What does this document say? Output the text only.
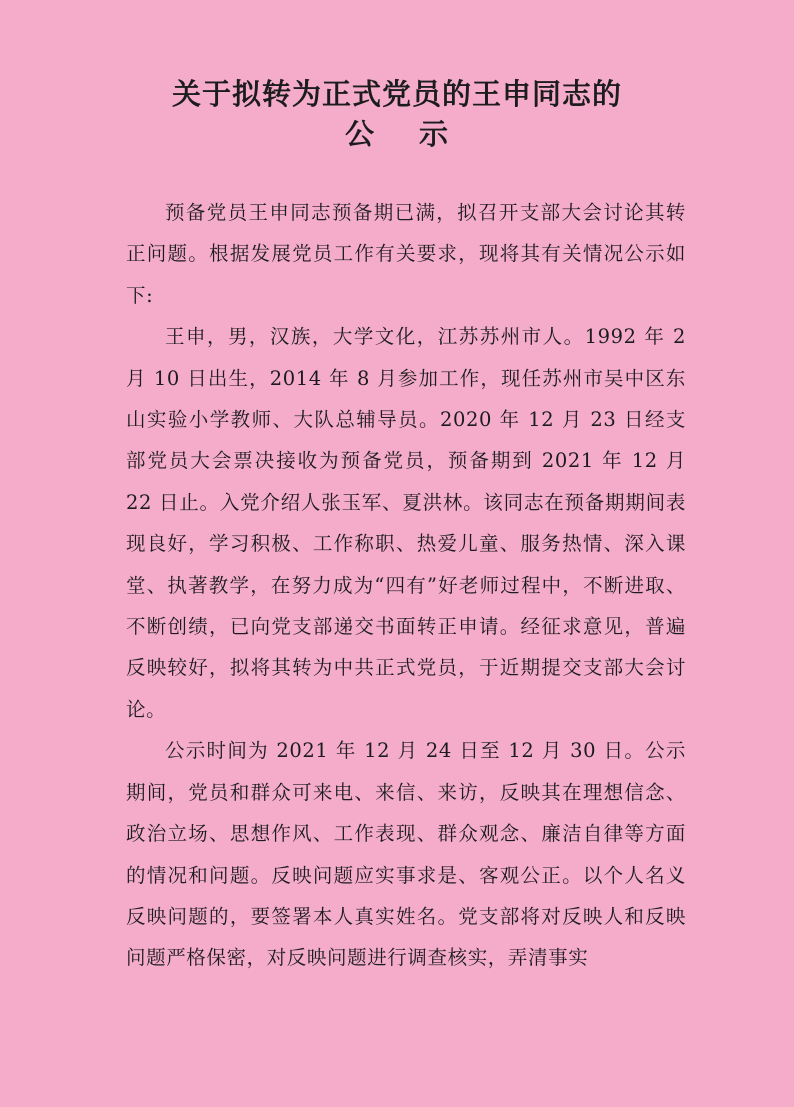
关于拟转为正式党员的王申同志的

公 示

预备党员王申同志预备期已满，拟召开支部大会讨论其转正问题。根据发展党员工作有关要求，现将其有关情况公示如下:

王申，男，汉族，大学文化，江苏苏州市人。1992 年 2 月 10 日出生，2014 年 8 月参加工作，现任苏州市吴中区东山实验小学教师、大队总辅导员。2020 年 12 月 23 日经支部党员大会票决接收为预备党员，预备期到 2021 年 12 月 22 日止。入党介绍人张玉军、夏洪林。该同志在预备期期间表现良好，学习积极、工作称职、热爱儿童、服务热情、深入课堂、执著教学，在努力成为“四有”好老师过程中，不断进取、不断创绩，已向党支部递交书面转正申请。经征求意见，普遍反映较好，拟将其转为中共正式党员，于近期提交支部大会讨论。

公示时间为 2021 年 12 月 24 日至 12 月 30 日。公示期间，党员和群众可来电、来信、来访，反映其在理想信念、政治立场、思想作风、工作表现、群众观念、廉洁自律等方面的情况和问题。反映问题应实事求是、客观公正。以个人名义反映问题的，要签署本人真实姓名。党支部将对反映人和反映问题严格保密，对反映问题进行调查核实，弄清事实
